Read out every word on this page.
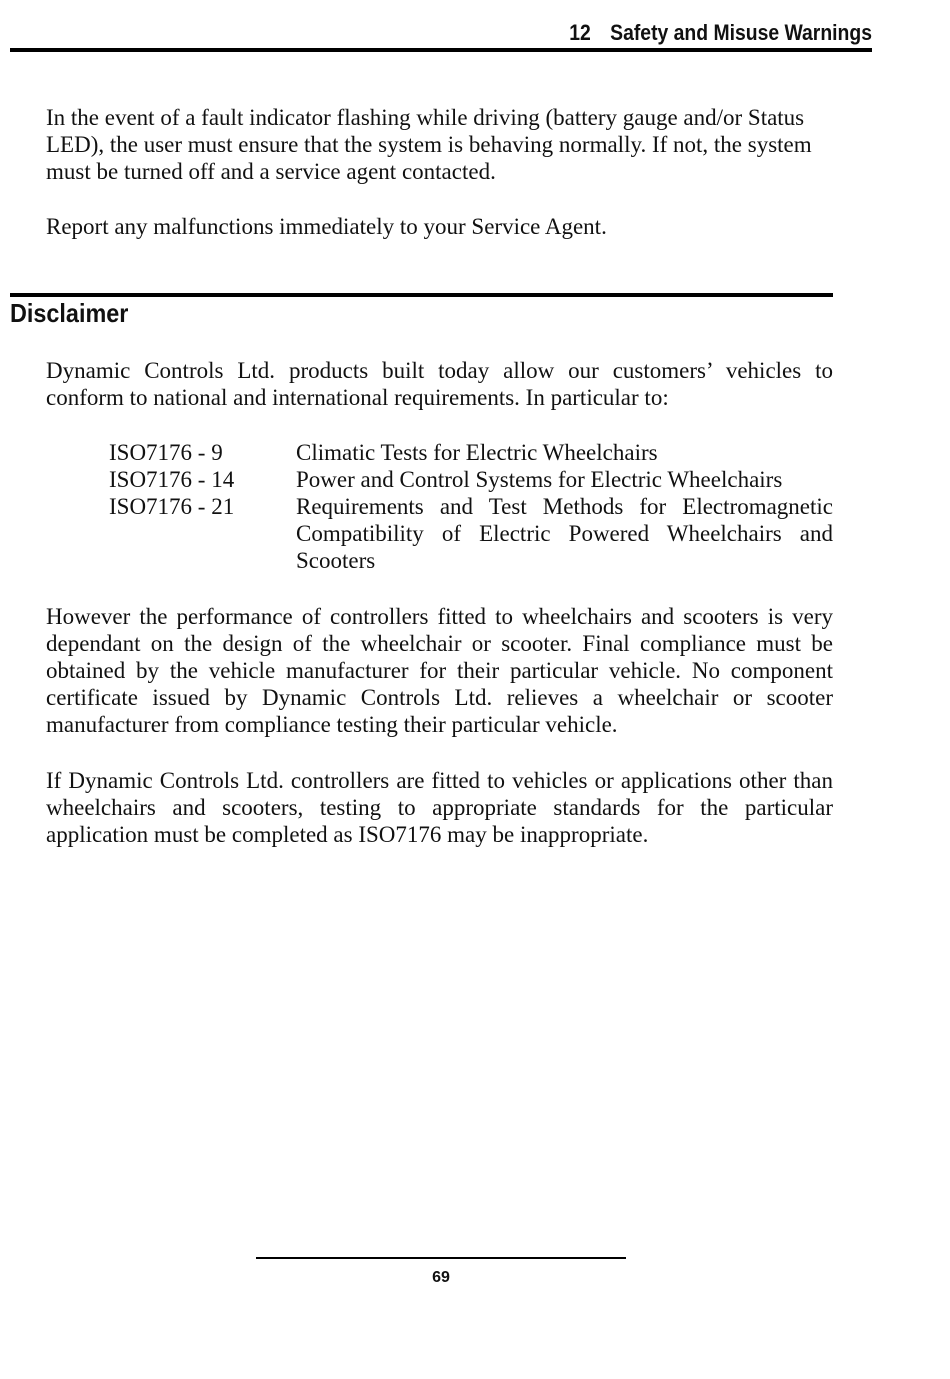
12 Safety and Misuse Warnings

In the event of a fault indicator flashing while driving (battery gauge and/or Status LED), the user must ensure that the system is behaving normally. If not, the system must be turned off and a service agent contacted.

Report any malfunctions immediately to your Service Agent.

Disclaimer

Dynamic Controls Ltd. products built today allow our customers’ vehicles to conform to national and international requirements. In particular to:

ISO7176 - 9	Climatic Tests for Electric Wheelchairs
ISO7176 - 14	Power and Control Systems for Electric Wheelchairs
ISO7176 - 21	Requirements and Test Methods for Electromagnetic Compatibility of Electric Powered Wheelchairs and Scooters

However the performance of controllers fitted to wheelchairs and scooters is very dependant on the design of the wheelchair or scooter. Final compliance must be obtained by the vehicle manufacturer for their particular vehicle. No component certificate issued by Dynamic Controls Ltd. relieves a wheelchair or scooter manufacturer from compliance testing their particular vehicle.

If Dynamic Controls Ltd. controllers are fitted to vehicles or applications other than wheelchairs and scooters, testing to appropriate standards for the particular application must be completed as ISO7176 may be inappropriate.

69
